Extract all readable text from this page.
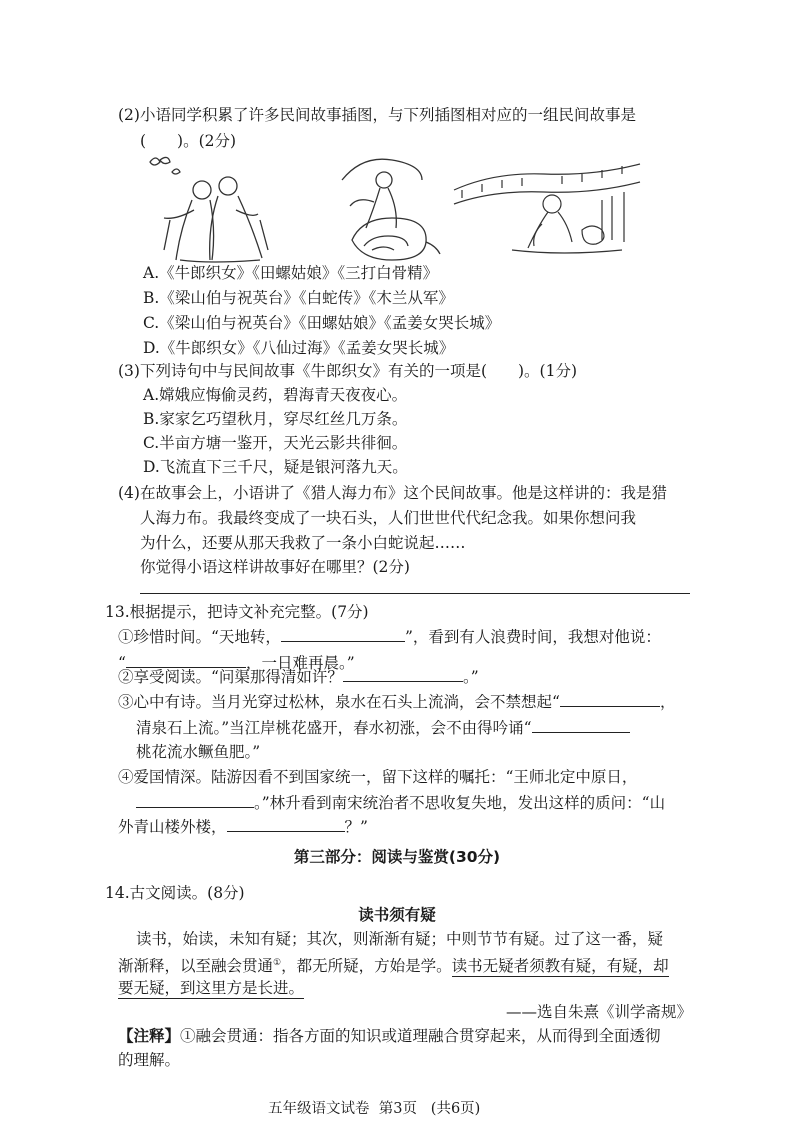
(2)小语同学积累了许多民间故事插图，与下列插图相对应的一组民间故事是
(　　)。(2分)
A.《牛郎织女》《田螺姑娘》《三打白骨精》
B.《梁山伯与祝英台》《白蛇传》《木兰从军》
C.《梁山伯与祝英台》《田螺姑娘》《孟姜女哭长城》
D.《牛郎织女》《八仙过海》《孟姜女哭长城》
(3)下列诗句中与民间故事《牛郎织女》有关的一项是(　　)。(1分)
A.嫦娥应悔偷灵药，碧海青天夜夜心。
B.家家乞巧望秋月，穿尽红丝几万条。
C.半亩方塘一鉴开，天光云影共徘徊。
D.飞流直下三千尺，疑是银河落九天。
(4)在故事会上，小语讲了《猎人海力布》这个民间故事。他是这样讲的：我是猎
人海力布。我最终变成了一块石头，人们世世代代纪念我。如果你想问我
为什么，还要从那天我救了一条小白蛇说起……
你觉得小语这样讲故事好在哪里？(2分)
13.根据提示，把诗文补充完整。(7分)
①珍惜时间。“天地转，	”，看到有人浪费时间，我想对他说：
“	，一日难再晨。”
②享受阅读。“问渠那得清如许？	。”
③心中有诗。当月光穿过松林，泉水在石头上流淌，会不禁想起“	，
清泉石上流。”当江岸桃花盛开，春水初涨，会不由得吟诵“
桃花流水鳜鱼肥。”
④爱国情深。陆游因看不到国家统一，留下这样的嘱托：“王师北定中原日，
。”林升看到南宋统治者不思收复失地，发出这样的质问：“山
外青山楼外楼，	？”
第三部分：阅读与鉴赏(30分)
14.古文阅读。(8分)
读书须有疑
读书，始读，未知有疑；其次，则渐渐有疑；中则节节有疑。过了这一番，疑
渐渐释，以至融会贯通①，都无所疑，方始是学。读书无疑者须教有疑，有疑，却
要无疑，到这里方是长进。
——选自朱熹《训学斋规》
【注释】①融会贯通：指各方面的知识或道理融合贯穿起来，从而得到全面透彻
的理解。
五年级语文试卷 第3页 (共6页)
